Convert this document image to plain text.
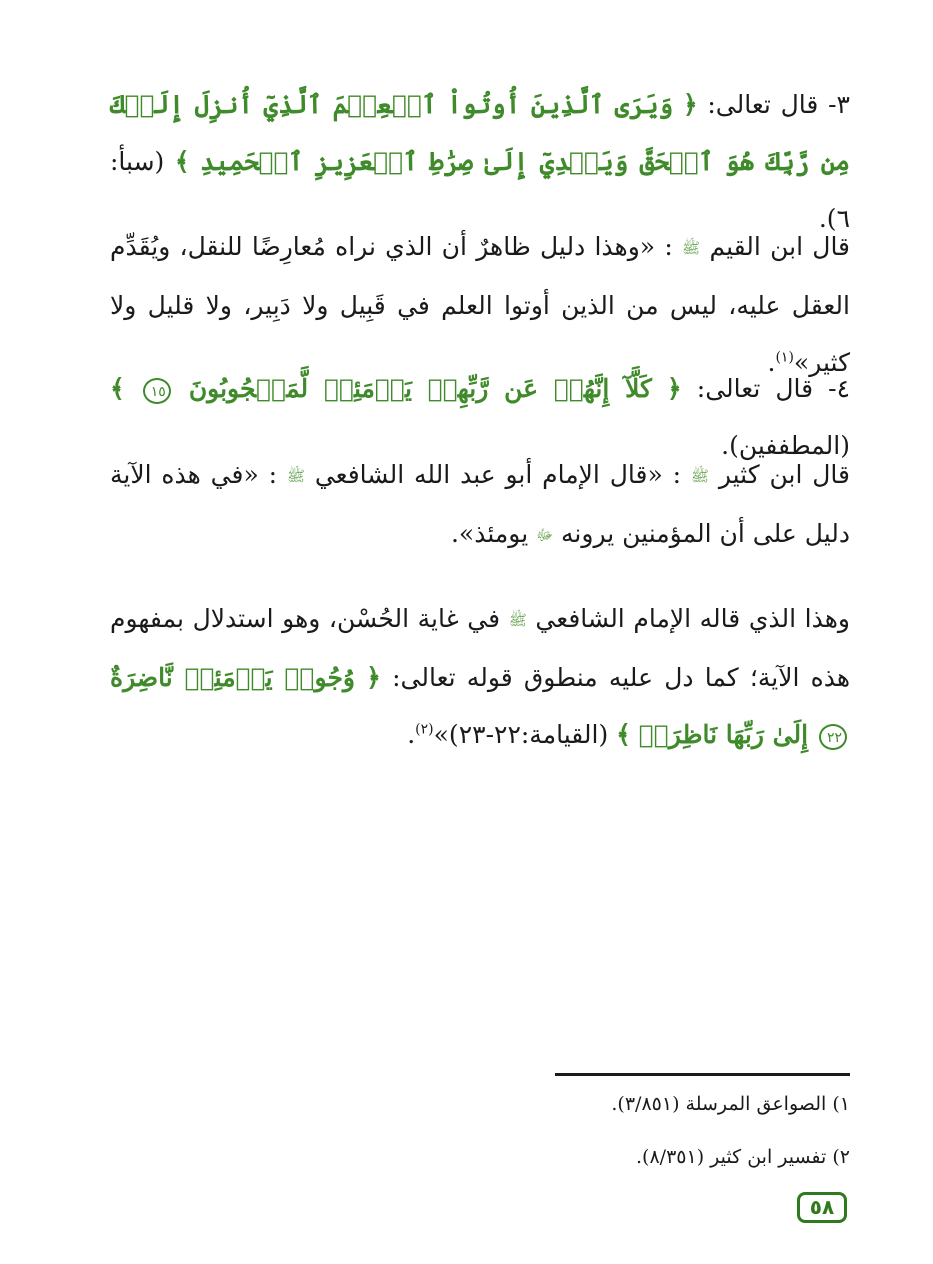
٣- قال تعالى: ﴿ وَيَرَى ٱلَّذِينَ أُوتُواْ ٱلۡعِلۡمَ ٱلَّذِيٓ أُنزِلَ إِلَيۡكَ مِن رَّبِّكَ هُوَ ٱلۡحَقَّ وَيَهۡدِيٓ إِلَىٰ صِرَٰطِ ٱلۡعَزِيزِ ٱلۡحَمِيدِ ﴾ (سبأ: ٦).
قال ابن القيم ﷺ : «وهذا دليل ظاهرٌ أن الذي نراه مُعارِضًا للنقل، ويُقَدِّم العقل عليه، ليس من الذين أوتوا العلم في قَبِيل ولا دَبِير، ولا قليل ولا كثير»$^{(١)}$.
٤- قال تعالى: ﴿ كَلَّآ إِنَّهُمۡ عَن رَّبِّهِمۡ يَوۡمَئِذٖ لَّمَحۡجُوبُونَ ١٥ ﴾ (المطففين).
قال ابن كثير ﷺ : «قال الإمام أبو عبد الله الشافعي ﷺ : «في هذه الآية دليل على أن المؤمنين يرونه ﷻ يومئذ».
وهذا الذي قاله الإمام الشافعي ﷺ في غاية الحُسْن، وهو استدلال بمفهوم هذه الآية؛ كما دل عليه منطوق قوله تعالى: ﴿ وُجُوهٞ يَوۡمَئِذٖ نَّاضِرَةٌ ٢٢ إِلَىٰ رَبِّهَا نَاظِرَةٞ ﴾ (القيامة:٢٢-٢٣)»$^{(٢)}$.
١) الصواعق المرسلة (٣/٨٥١).
٢) تفسير ابن كثير (٨/٣٥١).
٥٨
